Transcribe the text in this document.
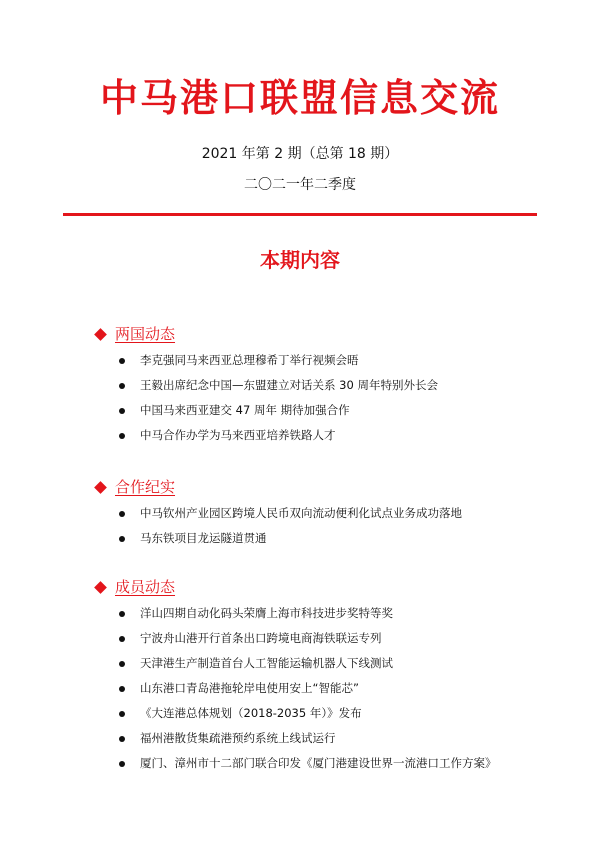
中马港口联盟信息交流
2021 年第 2 期（总第 18 期）
二〇二一年二季度
本期内容
两国动态
李克强同马来西亚总理穆希丁举行视频会晤
王毅出席纪念中国—东盟建立对话关系 30 周年特别外长会
中国马来西亚建交 47 周年 期待加强合作
中马合作办学为马来西亚培养铁路人才
合作纪实
中马钦州产业园区跨境人民币双向流动便利化试点业务成功落地
马东铁项目龙运隧道贯通
成员动态
洋山四期自动化码头荣膺上海市科技进步奖特等奖
宁波舟山港开行首条出口跨境电商海铁联运专列
天津港生产制造首台人工智能运输机器人下线测试
山东港口青岛港拖轮岸电使用安上“智能芯”
《大连港总体规划（2018-2035 年）》发布
福州港散货集疏港预约系统上线试运行
厦门、漳州市十二部门联合印发《厦门港建设世界一流港口工作方案》
